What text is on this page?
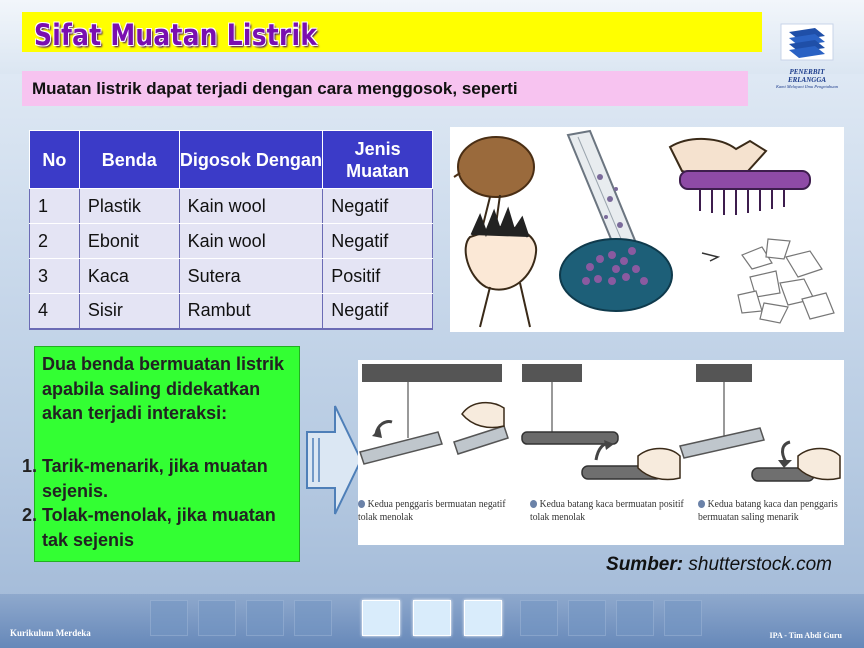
Sifat Muatan Listrik
PENERBIT ERLANGGA
Kami Melayani Ilmu Pengetahuan
Muatan listrik dapat terjadi dengan cara menggosok, seperti
No	Benda	Digosok Dengan	Jenis Muatan
1	Plastik	Kain wool	Negatif
2	Ebonit	Kain wool	Negatif
3	Kaca	Sutera	Positif
4	Sisir	Rambut	Negatif
Dua benda bermuatan listrik apabila saling didekatkan akan terjadi interaksi:
1. Tarik-menarik, jika muatan sejenis.
2. Tolak-menolak, jika muatan tak sejenis
Kedua penggaris bermuatan negatif tolak menolak
Kedua batang kaca bermuatan positif tolak menolak
Kedua batang kaca dan penggaris bermuatan saling menarik
Sumber: shutterstock.com
Kurikulum Merdeka	IPA - Tim Abdi Guru
